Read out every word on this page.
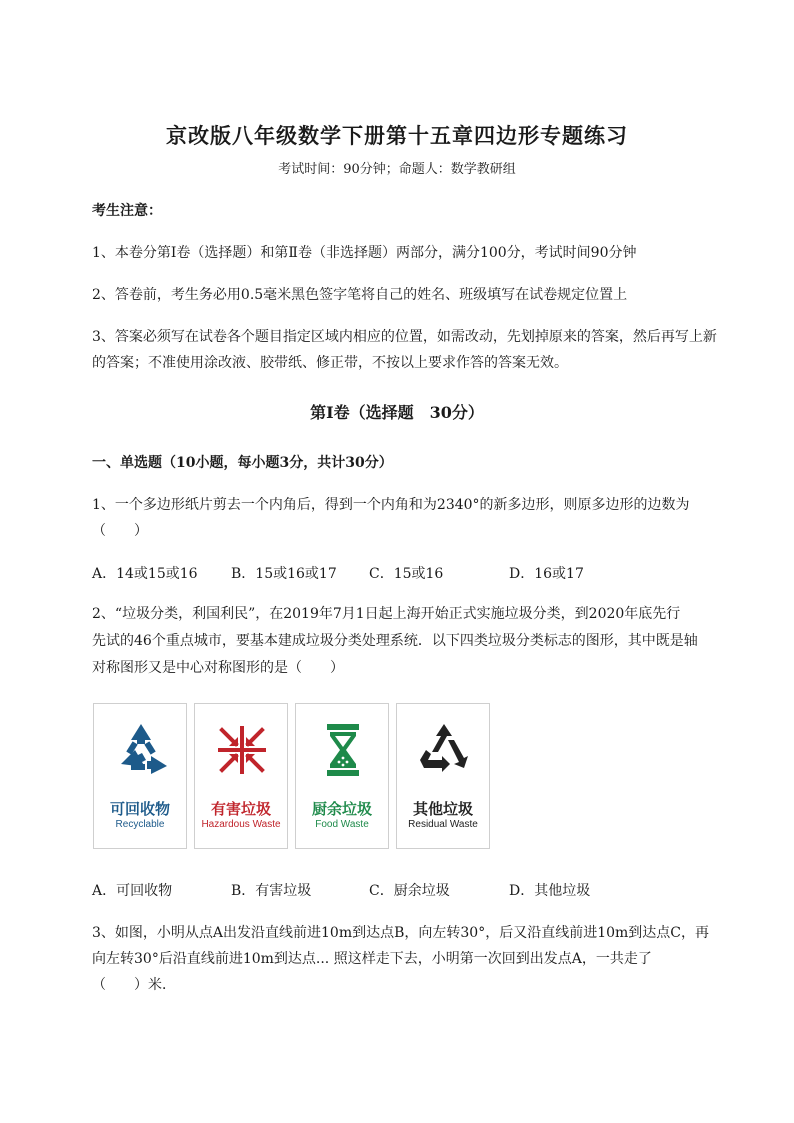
京改版八年级数学下册第十五章四边形专题练习
考试时间：90分钟；命题人：数学教研组
考生注意：
1、本卷分第Ⅰ卷（选择题）和第Ⅱ卷（非选择题）两部分，满分100分，考试时间90分钟
2、答卷前，考生务必用0.5毫米黑色签字笔将自己的姓名、班级填写在试卷规定位置上
3、答案必须写在试卷各个题目指定区域内相应的位置，如需改动，先划掉原来的答案，然后再写上新
的答案；不准使用涂改液、胶带纸、修正带，不按以上要求作答的答案无效。
第Ⅰ卷（选择题　30分）
一、单选题（10小题，每小题3分，共计30分）
1、一个多边形纸片剪去一个内角后，得到一个内角和为2340°的新多边形，则原多边形的边数为
（　　）
A．14或15或16 B．15或16或17 C．15或16	D．16或17
2、“垃圾分类，利国利民”，在2019年7月1日起上海开始正式实施垃圾分类，到2020年底先行
先试的46个重点城市，要基本建成垃圾分类处理系统．以下四类垃圾分类标志的图形，其中既是轴
对称图形又是中心对称图形的是（　　）
可回收物
Recyclable
有害垃圾
Hazardous Waste
厨余垃圾
Food Waste
其他垃圾
Residual Waste
A．可回收物	B．有害垃圾	C．厨余垃圾	D．其他垃圾
3、如图，小明从点A出发沿直线前进10m到达点B，向左转30°，后又沿直线前进10m到达点C，再
向左转30°后沿直线前进10m到达点... 照这样走下去，小明第一次回到出发点A，一共走了
（　　）米．
